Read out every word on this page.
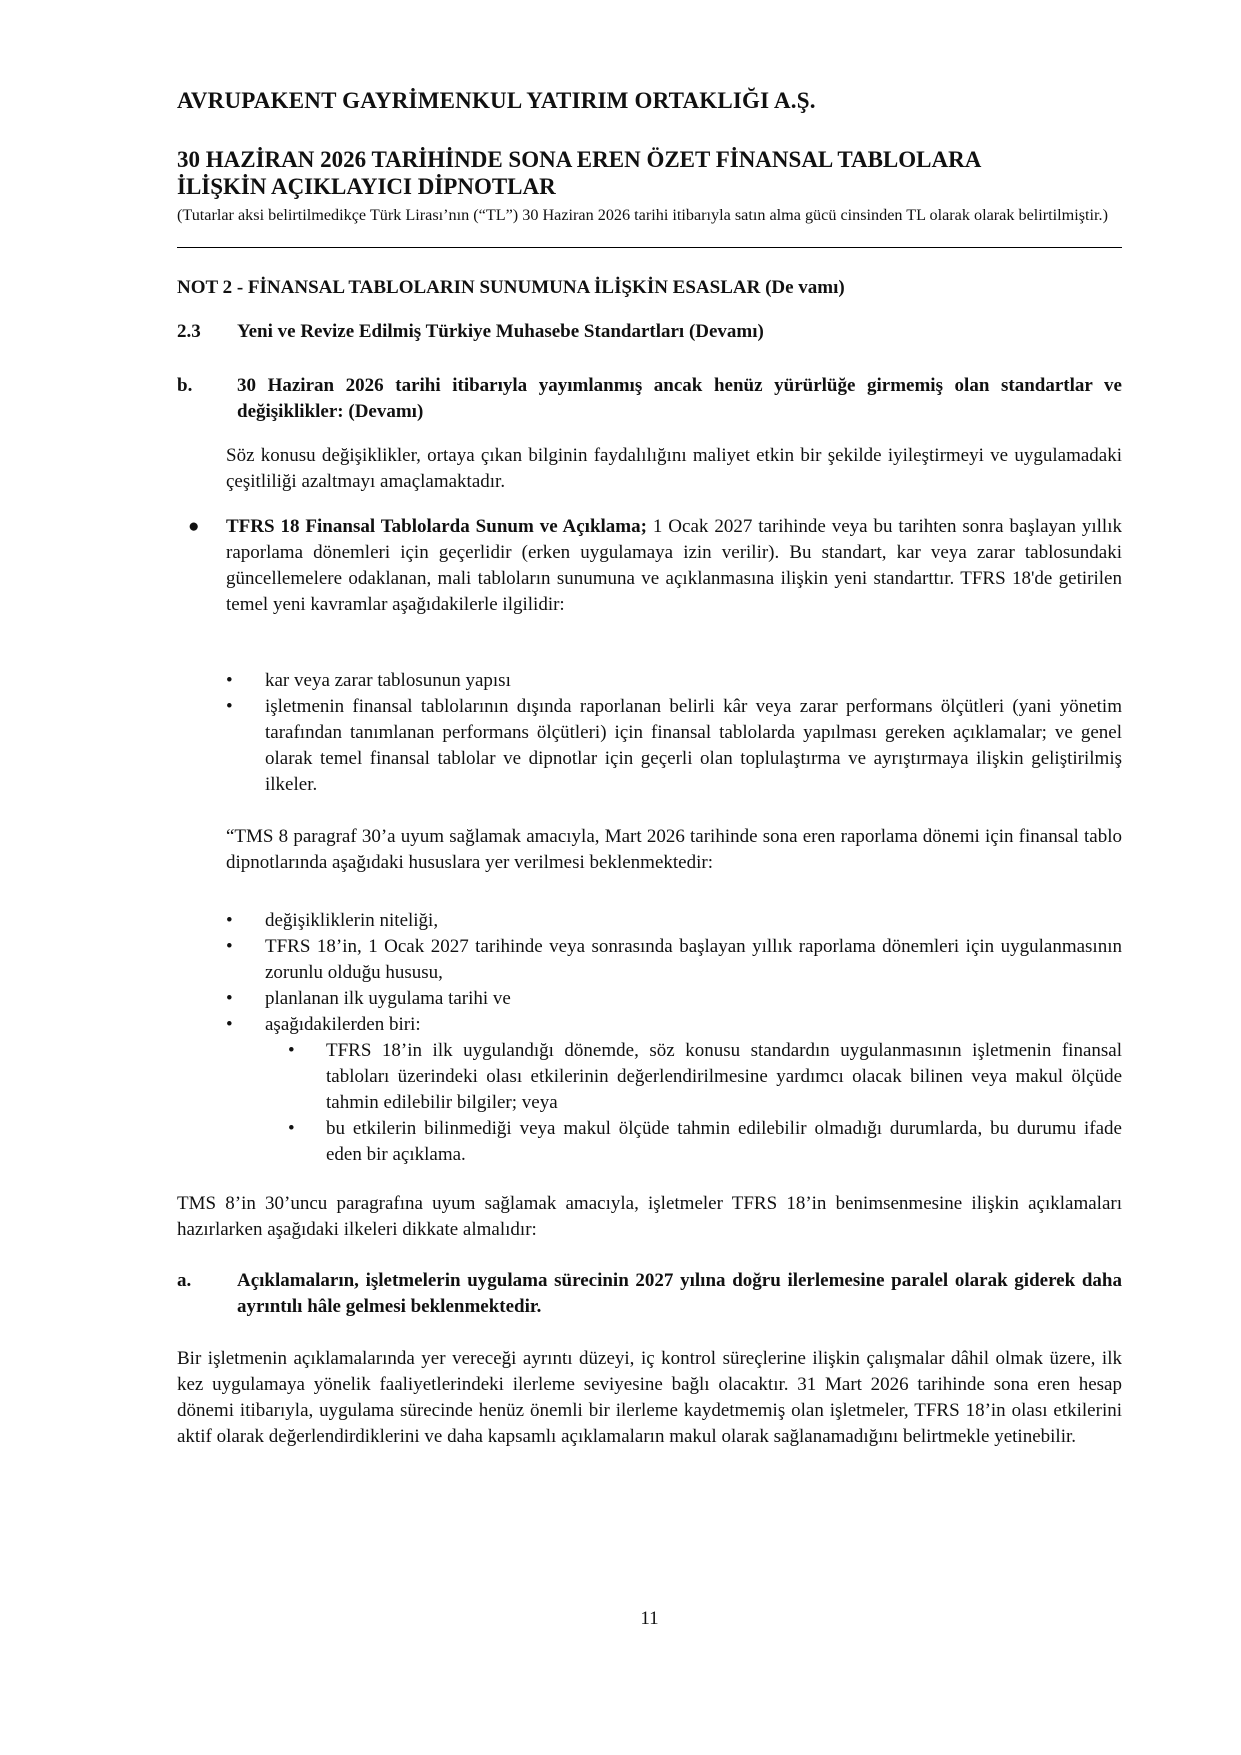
AVRUPAKENT GAYRİMENKUL YATIRIM ORTAKLIĞI A.Ş.
30 HAZİRAN 2026 TARİHİNDE SONA EREN ÖZET FİNANSAL TABLOLARA
İLİŞKİN AÇIKLAYICI DİPNOTLAR
(Tutarlar aksi belirtilmedikçe Türk Lirası’nın (“TL”) 30 Haziran 2026 tarihi itibarıyla satın alma gücü cinsinden TL olarak olarak belirtilmiştir.)
NOT 2 - FİNANSAL TABLOLARIN SUNUMUNA İLİŞKİN ESASLAR (De vamı)
2.3 Yeni ve Revize Edilmiş Türkiye Muhasebe Standartları (Devamı)
b. 30 Haziran 2026 tarihi itibarıyla yayımlanmış ancak henüz yürürlüğe girmemiş olan standartlar ve değişiklikler: (Devamı)
Söz konusu değişiklikler, ortaya çıkan bilginin faydalılığını maliyet etkin bir şekilde iyileştirmeyi ve uygulamadaki çeşitliliği azaltmayı amaçlamaktadır.
● TFRS 18 Finansal Tablolarda Sunum ve Açıklama; 1 Ocak 2027 tarihinde veya bu tarihten sonra başlayan yıllık raporlama dönemleri için geçerlidir (erken uygulamaya izin verilir). Bu standart, kar veya zarar tablosundaki güncellemelere odaklanan, mali tabloların sunumuna ve açıklanmasına ilişkin yeni standarttır. TFRS 18'de getirilen temel yeni kavramlar aşağıdakilerle ilgilidir:
• kar veya zarar tablosunun yapısı
• işletmenin finansal tablolarının dışında raporlanan belirli kâr veya zarar performans ölçütleri (yani yönetim tarafından tanımlanan performans ölçütleri) için finansal tablolarda yapılması gereken açıklamalar; ve genel olarak temel finansal tablolar ve dipnotlar için geçerli olan toplulaştırma ve ayrıştırmaya ilişkin geliştirilmiş ilkeler.
“TMS 8 paragraf 30’a uyum sağlamak amacıyla, Mart 2026 tarihinde sona eren raporlama dönemi için finansal tablo dipnotlarında aşağıdaki hususlara yer verilmesi beklenmektedir:
• değişikliklerin niteliği,
• TFRS 18’in, 1 Ocak 2027 tarihinde veya sonrasında başlayan yıllık raporlama dönemleri için uygulanmasının zorunlu olduğu hususu,
• planlanan ilk uygulama tarihi ve
• aşağıdakilerden biri:
• TFRS 18’in ilk uygulandığı dönemde, söz konusu standardın uygulanmasının işletmenin finansal tabloları üzerindeki olası etkilerinin değerlendirilmesine yardımcı olacak bilinen veya makul ölçüde tahmin edilebilir bilgiler; veya
• bu etkilerin bilinmediği veya makul ölçüde tahmin edilebilir olmadığı durumlarda, bu durumu ifade eden bir açıklama.
TMS 8’in 30’uncu paragrafına uyum sağlamak amacıyla, işletmeler TFRS 18’in benimsenmesine ilişkin açıklamaları hazırlarken aşağıdaki ilkeleri dikkate almalıdır:
a. Açıklamaların, işletmelerin uygulama sürecinin 2027 yılına doğru ilerlemesine paralel olarak giderek daha ayrıntılı hâle gelmesi beklenmektedir.
Bir işletmenin açıklamalarında yer vereceği ayrıntı düzeyi, iç kontrol süreçlerine ilişkin çalışmalar dâhil olmak üzere, ilk kez uygulamaya yönelik faaliyetlerindeki ilerleme seviyesine bağlı olacaktır. 31 Mart 2026 tarihinde sona eren hesap dönemi itibarıyla, uygulama sürecinde henüz önemli bir ilerleme kaydetmemiş olan işletmeler, TFRS 18’in olası etkilerini aktif olarak değerlendirdiklerini ve daha kapsamlı açıklamaların makul olarak sağlanamadığını belirtmekle yetinebilir.
11
